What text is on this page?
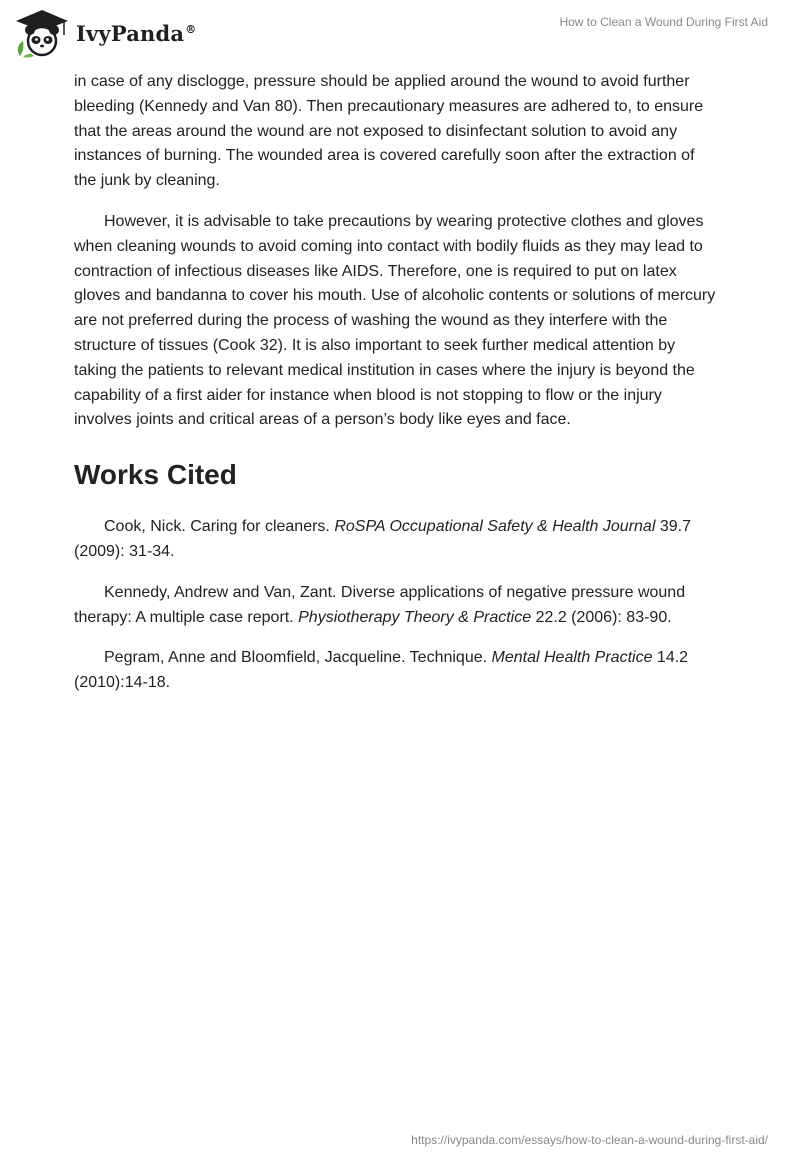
IvyPanda®	How to Clean a Wound During First Aid

in case of any disclogge, pressure should be applied around the wound to avoid further bleeding (Kennedy and Van 80). Then precautionary measures are adhered to, to ensure that the areas around the wound are not exposed to disinfectant solution to avoid any instances of burning. The wounded area is covered carefully soon after the extraction of the junk by cleaning.

However, it is advisable to take precautions by wearing protective clothes and gloves when cleaning wounds to avoid coming into contact with bodily fluids as they may lead to contraction of infectious diseases like AIDS. Therefore, one is required to put on latex gloves and bandanna to cover his mouth. Use of alcoholic contents or solutions of mercury are not preferred during the process of washing the wound as they interfere with the structure of tissues (Cook 32). It is also important to seek further medical attention by taking the patients to relevant medical institution in cases where the injury is beyond the capability of a first aider for instance when blood is not stopping to flow or the injury involves joints and critical areas of a person’s body like eyes and face.

Works Cited

Cook, Nick. Caring for cleaners. RoSPA Occupational Safety & Health Journal 39.7 (2009): 31-34.

Kennedy, Andrew and Van, Zant. Diverse applications of negative pressure wound therapy: A multiple case report. Physiotherapy Theory & Practice 22.2 (2006): 83-90.

Pegram, Anne and Bloomfield, Jacqueline. Technique. Mental Health Practice 14.2 (2010):14-18.

https://ivypanda.com/essays/how-to-clean-a-wound-during-first-aid/
